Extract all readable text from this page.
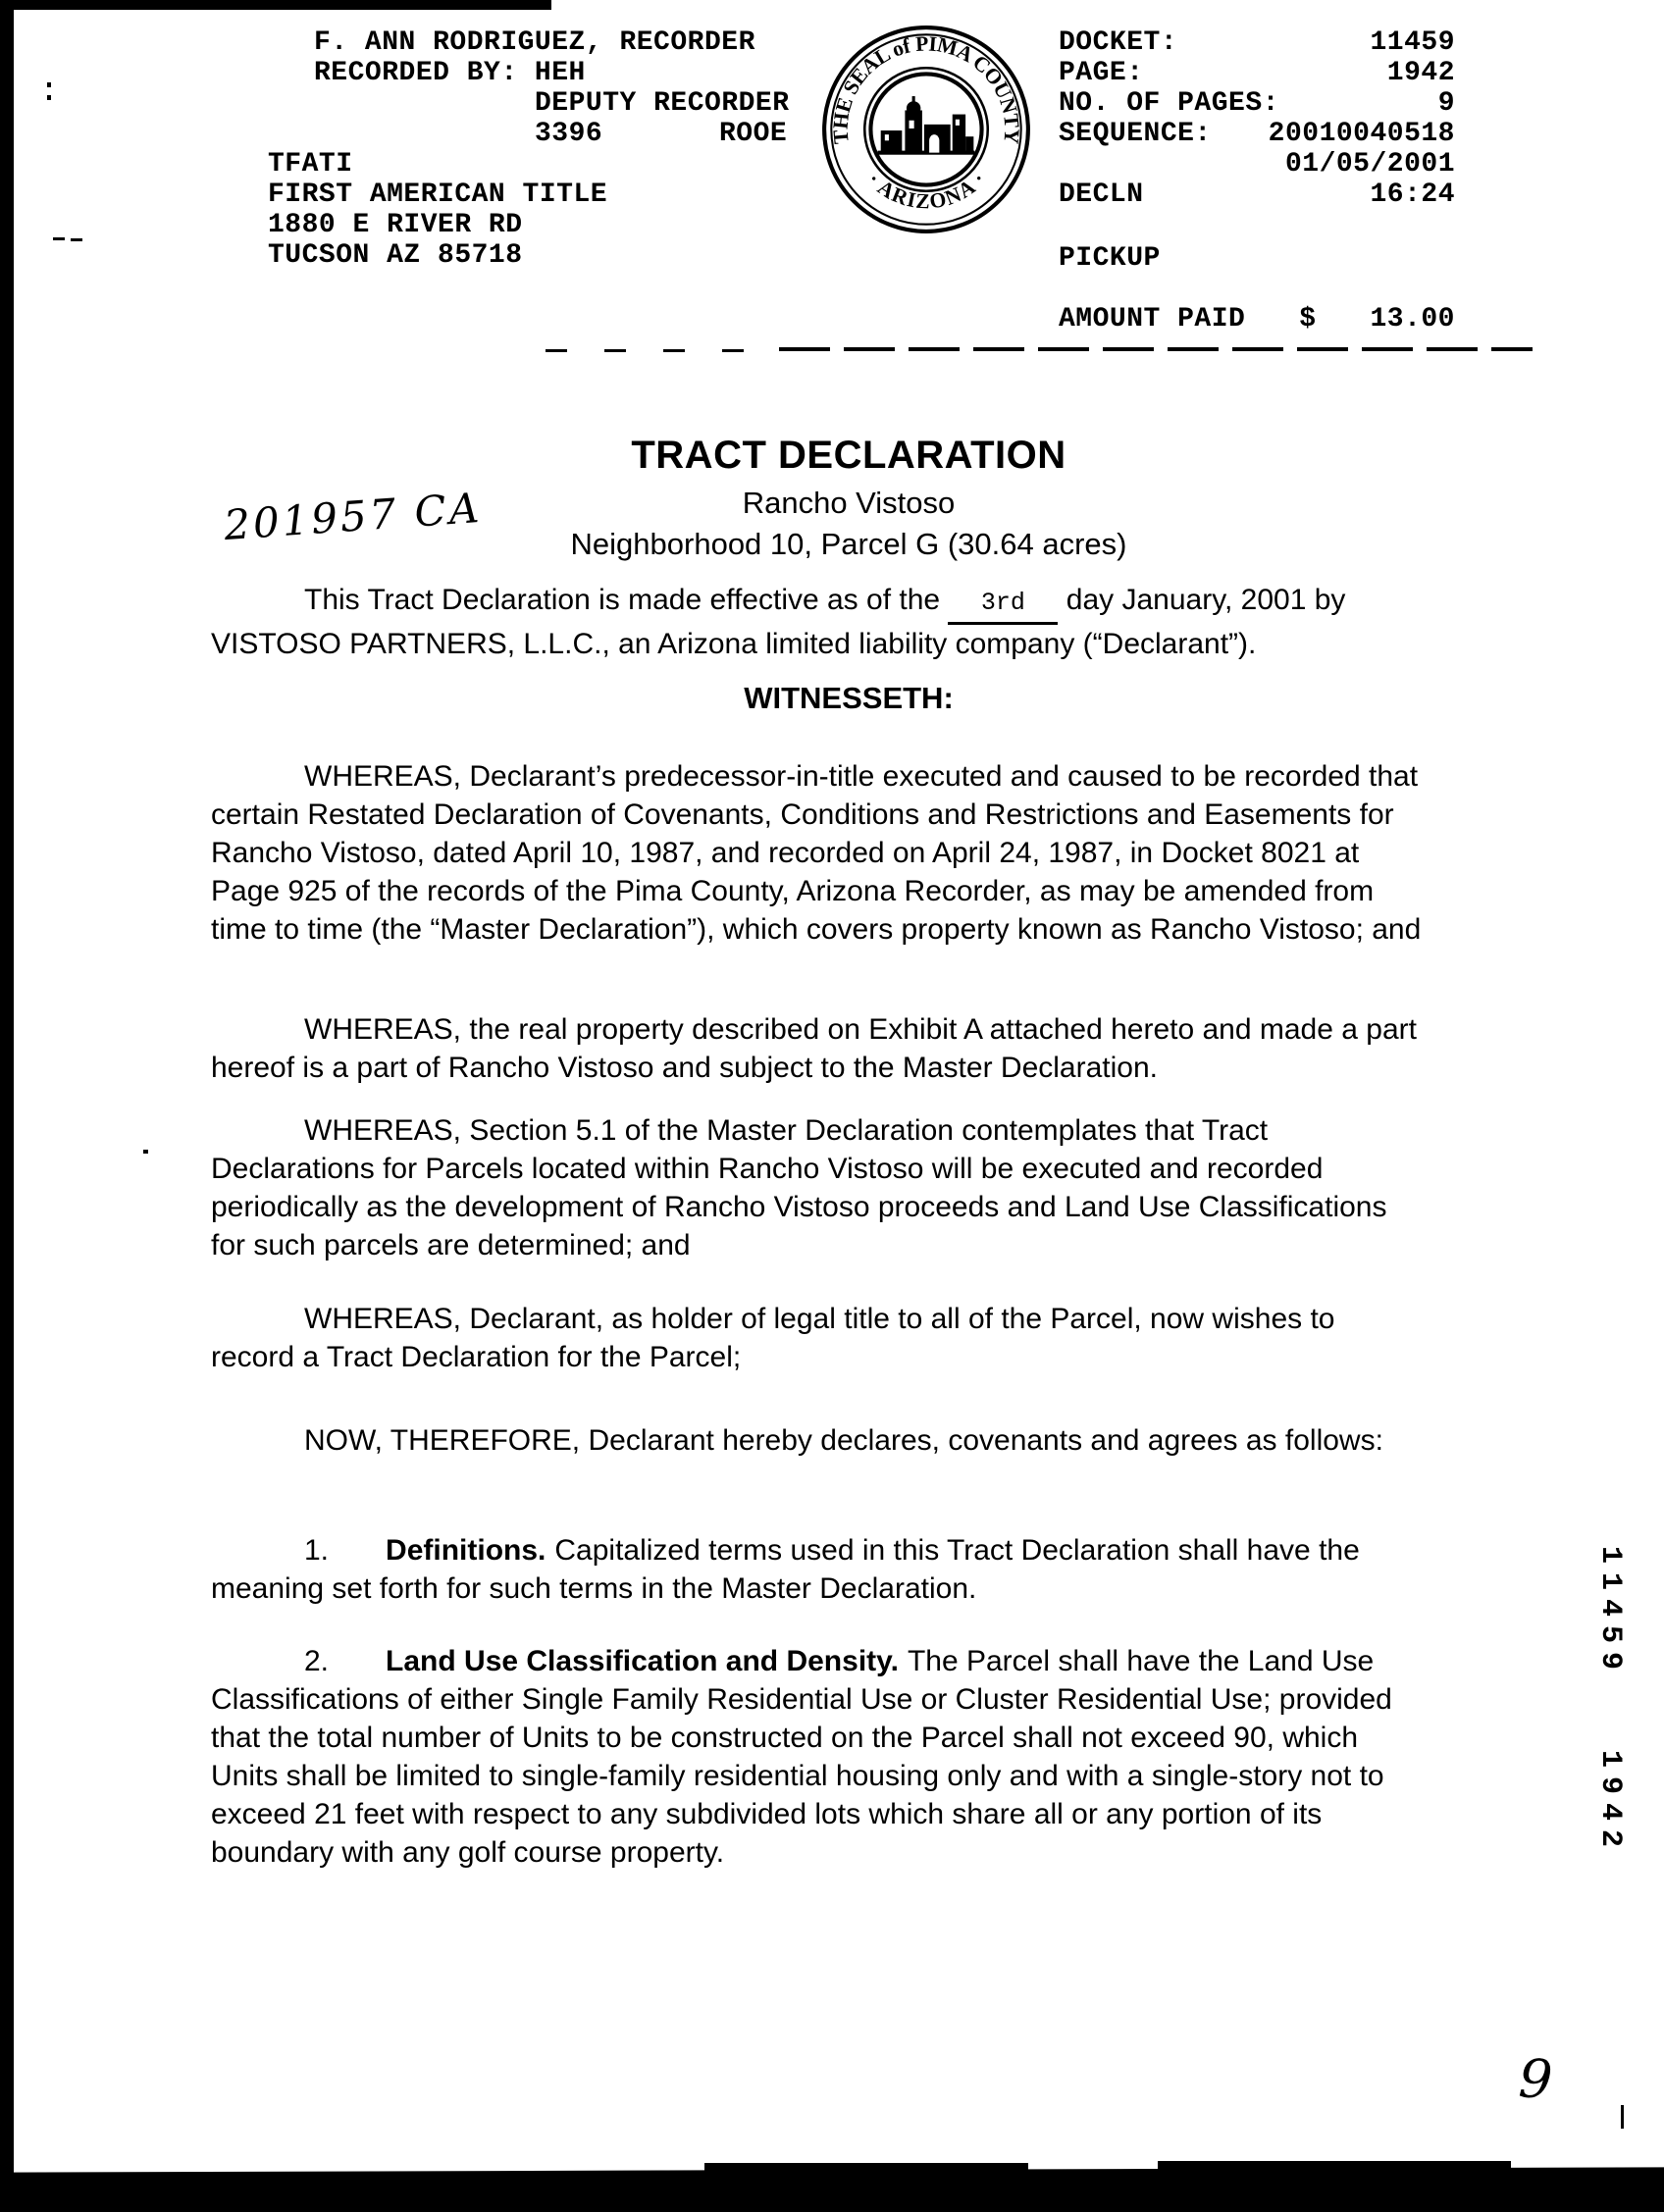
F. ANN RODRIGUEZ, RECORDER
RECORDED BY: HEH
DEPUTY RECORDER
3396	ROOE
TFATI
FIRST AMERICAN TITLE
1880 E RIVER RD
TUCSON AZ 85718
THE SEAL of PIMA COUNTY
· ARIZONA ·
DOCKET:	11459
PAGE:	1942
NO. OF PAGES:	9
SEQUENCE: 20010040518
01/05/2001
DECLN	16:24
PICKUP
AMOUNT PAID $ 13.00
TRACT DECLARATION
Rancho Vistoso
Neighborhood 10, Parcel G (30.64 acres)
201957 CA

This Tract Declaration is made effective as of the 3rd day January, 2001 by VISTOSO PARTNERS, L.L.C., an Arizona limited liability company (“Declarant”).

WITNESSETH:

WHEREAS, Declarant’s predecessor-in-title executed and caused to be recorded that certain Restated Declaration of Covenants, Conditions and Restrictions and Easements for Rancho Vistoso, dated April 10, 1987, and recorded on April 24, 1987, in Docket 8021 at Page 925 of the records of the Pima County, Arizona Recorder, as may be amended from time to time (the “Master Declaration”), which covers property known as Rancho Vistoso; and

WHEREAS, the real property described on Exhibit A attached hereto and made a part hereof is a part of Rancho Vistoso and subject to the Master Declaration.

WHEREAS, Section 5.1 of the Master Declaration contemplates that Tract Declarations for Parcels located within Rancho Vistoso will be executed and recorded periodically as the development of Rancho Vistoso proceeds and Land Use Classifications for such parcels are determined; and

WHEREAS, Declarant, as holder of legal title to all of the Parcel, now wishes to record a Tract Declaration for the Parcel;

NOW, THEREFORE, Declarant hereby declares, covenants and agrees as follows:

1. Definitions. Capitalized terms used in this Tract Declaration shall have the meaning set forth for such terms in the Master Declaration.

2. Land Use Classification and Density. The Parcel shall have the Land Use Classifications of either Single Family Residential Use or Cluster Residential Use; provided that the total number of Units to be constructed on the Parcel shall not exceed 90, which Units shall be limited to single-family residential housing only and with a single-story not to exceed 21 feet with respect to any subdivided lots which share all or any portion of its boundary with any golf course property.

11459
1942
9
